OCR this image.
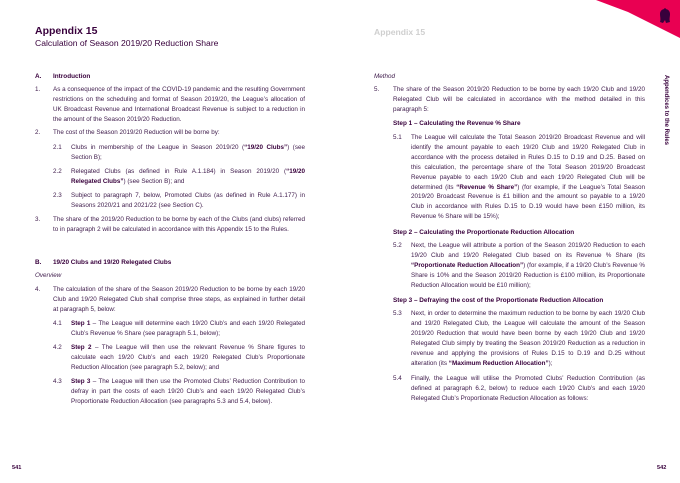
Appendix 15
Calculation of Season 2019/20 Reduction Share
A. Introduction
1. As a consequence of the impact of the COVID-19 pandemic and the resulting Government restrictions on the scheduling and format of Season 2019/20, the League’s allocation of UK Broadcast Revenue and International Broadcast Revenue is subject to a reduction in the amount of the Season 2019/20 Reduction.
2. The cost of the Season 2019/20 Reduction will be borne by:
2.1 Clubs in membership of the League in Season 2019/20 (“19/20 Clubs”) (see Section B);
2.2 Relegated Clubs (as defined in Rule A.1.184) in Season 2019/20 (“19/20 Relegated Clubs”) (see Section B); and
2.3 Subject to paragraph 7, below, Promoted Clubs (as defined in Rule A.1.177) in Seasons 2020/21 and 2021/22 (see Section C).
3. The share of the 2019/20 Reduction to be borne by each of the Clubs (and clubs) referred to in paragraph 2 will be calculated in accordance with this Appendix 15 to the Rules.
B. 19/20 Clubs and 19/20 Relegated Clubs
Overview
4. The calculation of the share of the Season 2019/20 Reduction to be borne by each 19/20 Club and 19/20 Relegated Club shall comprise three steps, as explained in further detail at paragraph 5, below:
4.1 Step 1 – The League will determine each 19/20 Club’s and each 19/20 Relegated Club’s Revenue % Share (see paragraph 5.1, below);
4.2 Step 2 – The League will then use the relevant Revenue % Share figures to calculate each 19/20 Club’s and each 19/20 Relegated Club’s Proportionate Reduction Allocation (see paragraph 5.2, below); and
4.3 Step 3 – The League will then use the Promoted Clubs’ Reduction Contribution to defray in part the costs of each 19/20 Club’s and each 19/20 Relegated Club’s Proportionate Reduction Allocation (see paragraphs 5.3 and 5.4, below).
541
Appendix 15
Appendices to the Rules
Method
5. The share of the Season 2019/20 Reduction to be borne by each 19/20 Club and 19/20 Relegated Club will be calculated in accordance with the method detailed in this paragraph 5:
Step 1 – Calculating the Revenue % Share
5.1 The League will calculate the Total Season 2019/20 Broadcast Revenue and will identify the amount payable to each 19/20 Club and 19/20 Relegated Club in accordance with the process detailed in Rules D.15 to D.19 and D.25. Based on this calculation, the percentage share of the Total Season 2019/20 Broadcast Revenue payable to each 19/20 Club and each 19/20 Relegated Club will be determined (its “Revenue % Share”) (for example, if the League’s Total Season 2019/20 Broadcast Revenue is £1 billion and the amount so payable to a 19/20 Club in accordance with Rules D.15 to D.19 would have been £150 million, its Revenue % Share will be 15%);
Step 2 – Calculating the Proportionate Reduction Allocation
5.2 Next, the League will attribute a portion of the Season 2019/20 Reduction to each 19/20 Club and 19/20 Relegated Club based on its Revenue % Share (its “Proportionate Reduction Allocation”) (for example, if a 19/20 Club’s Revenue % Share is 10% and the Season 2019/20 Reduction is £100 million, its Proportionate Reduction Allocation would be £10 million);
Step 3 – Defraying the cost of the Proportionate Reduction Allocation
5.3 Next, in order to determine the maximum reduction to be borne by each 19/20 Club and 19/20 Relegated Club, the League will calculate the amount of the Season 2019/20 Reduction that would have been borne by each 19/20 Club and 19/20 Relegated Club simply by treating the Season 2019/20 Reduction as a reduction in revenue and applying the provisions of Rules D.15 to D.19 and D.25 without alteration (its “Maximum Reduction Allocation”);
5.4 Finally, the League will utilise the Promoted Clubs’ Reduction Contribution (as defined at paragraph 6.2, below) to reduce each 19/20 Club’s and each 19/20 Relegated Club’s Proportionate Reduction Allocation as follows:
542
